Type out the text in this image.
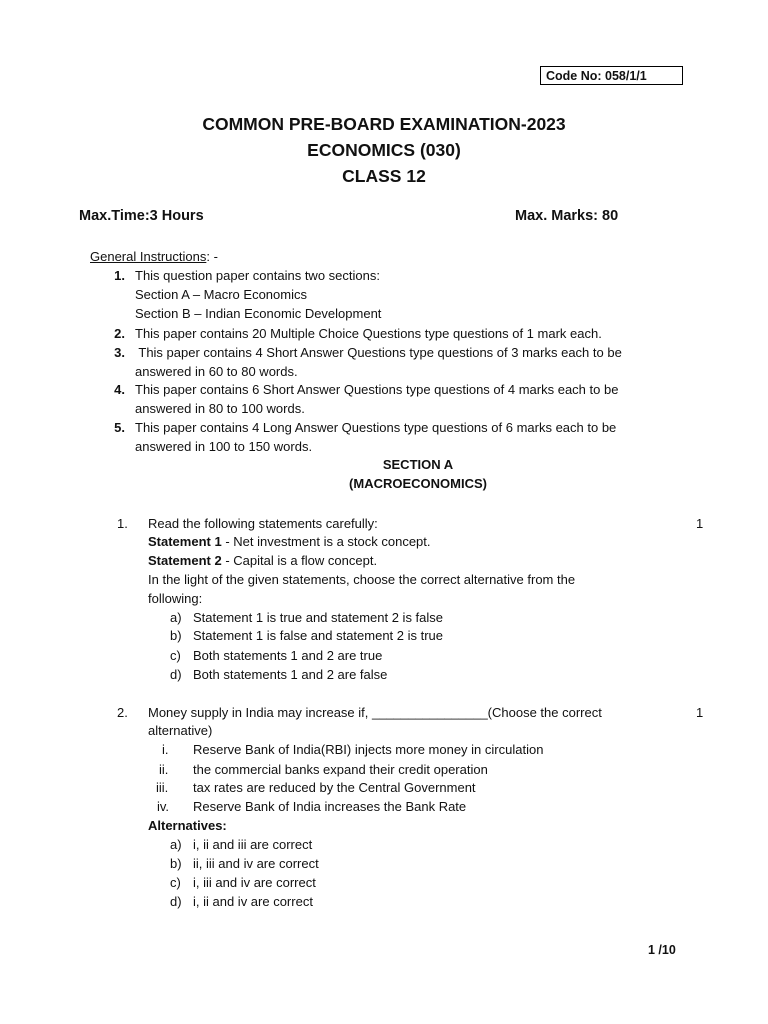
Code No: 058/1/1
COMMON PRE-BOARD EXAMINATION-2023
ECONOMICS (030)
CLASS 12
Max.Time:3 Hours	Max. Marks: 80
General Instructions: -
1. This question paper contains two sections:
Section A – Macro Economics
Section B – Indian Economic Development
2. This paper contains 20 Multiple Choice Questions type questions of 1 mark each.
3. This paper contains 4 Short Answer Questions type questions of 3 marks each to be
answered in 60 to 80 words.
4. This paper contains 6 Short Answer Questions type questions of 4 marks each to be
answered in 80 to 100 words.
5. This paper contains 4 Long Answer Questions type questions of 6 marks each to be
answered in 100 to 150 words.
SECTION A
(MACROECONOMICS)
1.	1
Read the following statements carefully:
Statement 1 - Net investment is a stock concept.
Statement 2 - Capital is a flow concept.
In the light of the given statements, choose the correct alternative from the
following:
a) Statement 1 is true and statement 2 is false
b) Statement 1 is false and statement 2 is true
c) Both statements 1 and 2 are true
d) Both statements 1 and 2 are false
2.	1
Money supply in India may increase if, ________________(Choose the correct
alternative)
i. Reserve Bank of India(RBI) injects more money in circulation
ii. the commercial banks expand their credit operation
iii. tax rates are reduced by the Central Government
iv. Reserve Bank of India increases the Bank Rate
Alternatives:
a) i, ii and iii are correct
b) ii, iii and iv are correct
c) i, iii and iv are correct
d) i, ii and iv are correct
1 /10
